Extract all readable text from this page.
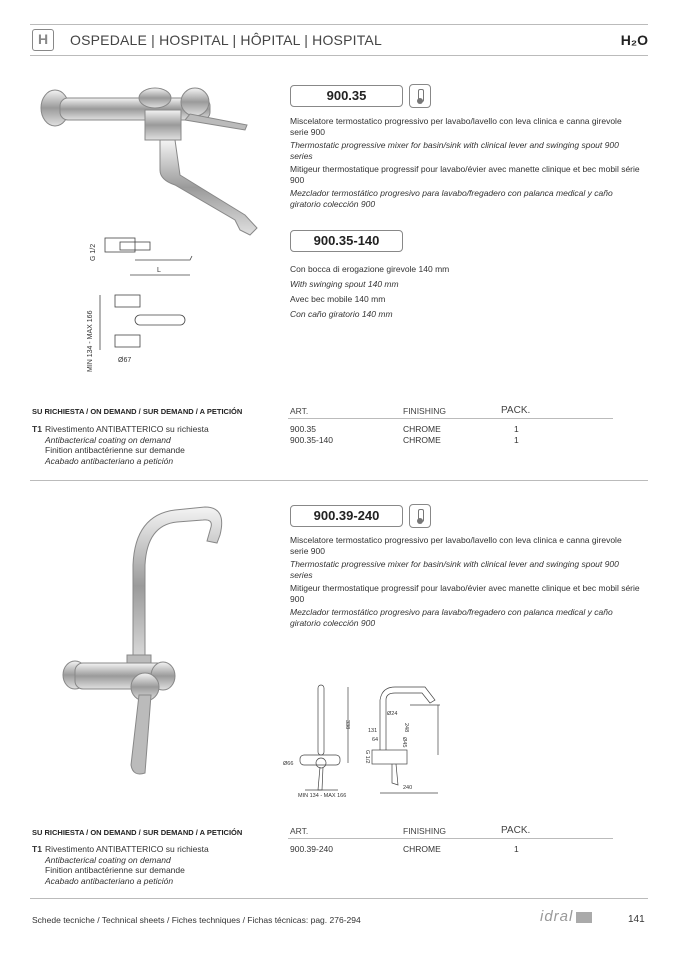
H	OSPEDALE | HOSPITAL | HÔPITAL | HOSPITAL	H₂O
G 1/2
L
MIN 134 - MAX 166	Ø67
900.35

Miscelatore termostatico progressivo per lavabo/lavello con leva clinica e canna girevole serie 900

Thermostatic progressive mixer for basin/sink with clinical lever and swinging spout 900 series

Mitigeur thermostatique progressif pour lavabo/évier avec manette clinique et bec mobil série 900

Mezclador termostático progresivo para lavabo/fregadero con palanca medical y caño giratorio colección 900

900.35-140
Con bocca di erogazione girevole 140 mm
With swinging spout 140 mm
Avec bec mobile 140 mm
Con caño giratorio 140 mm
SU RICHIESTA / ON DEMAND / SUR DEMAND / A PETICIÓN
T1 Rivestimento ANTIBATTERICO su richiesta
Antibacterical coating on demand
Finition antibactérienne sur demande
Acabado antibacteriano a petición
ART.	FINISHING	PACK.
900.35	CHROME	1
900.35-140	CHROME	1
900.39-240

Miscelatore termostatico progressivo per lavabo/lavello con leva clinica e canna girevole serie 900

Thermostatic progressive mixer for basin/sink with clinical lever and swinging spout 900 series

Mitigeur thermostatique progressif pour lavabo/évier avec manette clinique et bec mobil série 900

Mezclador termostático progresivo para lavabo/fregadero con palanca medical y caño giratorio colección 900

338
Ø66
MIN 134 - MAX 166
Ø24
131
64
248
Ø45
G 1/2
240
SU RICHIESTA / ON DEMAND / SUR DEMAND / A PETICIÓN
T1 Rivestimento ANTIBATTERICO su richiesta
Antibacterical coating on demand
Finition antibactérienne sur demande
Acabado antibacteriano a petición
ART.	FINISHING	PACK.
900.39-240	CHROME	1
Schede tecniche / Technical sheets / Fiches techniques / Fichas técnicas: pag. 276-294	idral	141
